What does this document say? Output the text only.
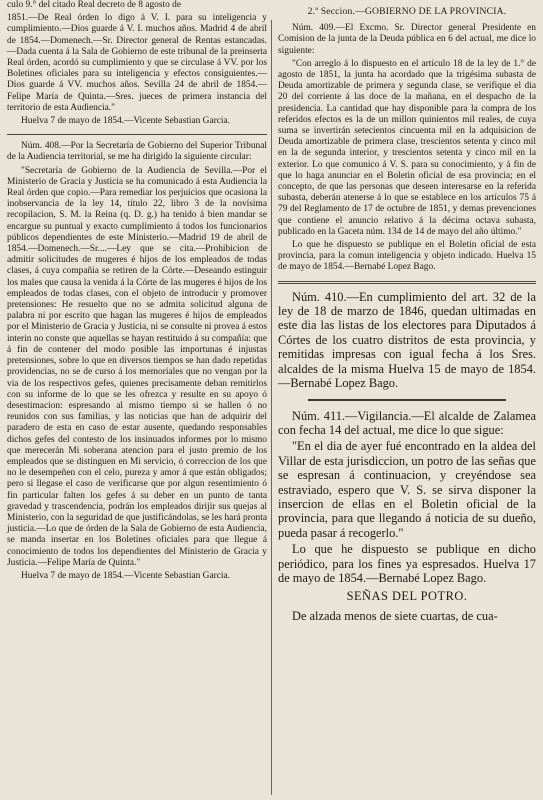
culo 9.° del citado Real decreto de 8 agosto de

1851.—De Real órden lo digo á V. I. para su inteligencia y cumplimiento.—Dios guarde á V. I. muchos años. Madrid 4 de abril de 1854.—Domenech.—Sr. Director general de Rentas estancadas.—Dada cuenta á la Sala de Gobierno de este tribunal de la preinserta Real órden, acordó su cumplimiento y que se circulase á VV. por los Boletines oficiales para su inteligencia y efectos consiguientes.—Dios guarde á VV. muchos años. Sevilla 24 de abril de 1854.—Felipe María de Quinta.—Sres. jueces de primera instancia del territorio de esta Audiencia."

Huelva 7 de mayo de 1854.—Vicente Sebastian Garcia.

Núm. 408.—Por la Secretaría de Gobierno del Superior Tribunal de la Audiencia territorial, se me ha dirigido la siguiente circular:

"Secretaría de Gobierno de la Audiencia de Sevilla.—Por el Ministerio de Gracia y Justicia se ha comunicado á esta Audiencia la Real órden que copio.—Para remediar los perjuicios que ocasiona la inobservancia de la ley 14, título 22, libro 3 de la novísima recopilacion, S. M. la Reina (q. D. g.) ha tenido á bien mandar se encargue su puntual y exacto cumplimiento á todos los funcionarios públicos dependientes de este Ministerio.—Madrid 19 de abril de 1854.—Domenech.—Sr....—Ley que se cita.—Prohibicion de admitir solicitudes de mugeres é hijos de los empleados de todas clases, á cuya compañía se retiren de la Córte.—Deseando estinguir los males que causa la venida á la Córte de las mugeres é hijos de los empleados de todas clases, con el objeto de introducir y promover pretensiones: He resuelto que no se admita solicitud alguna de palabra ni por escrito que hagan las mugeres é hijos de empleados por el Ministerio de Gracia y Justicia, ni se consulte ni provea á estos interin no conste que aquellas se hayan restituido á su compañía: que á fin de contener del modo posible las importunas é injustas pretensiones, sobre lo que en diversos tiempos se han dado repetidas providencias, no se de curso á los memoriales que no vengan por la via de los respectivos gefes, quienes precisamente deban remitirlos con su informe de lo que se les ofrezca y resulte en su apoyo ó desestimacion: espresando al mismo tiempo si se hallen ó no reunidos con sus familias, y las noticias que han de adquirir del paradero de esta en caso de estar ausente, quedando responsables dichos gefes del contesto de los insinuados informes por lo mismo que merecerán Mi soberana atencion para el justo premio de los empleados que se distinguen en Mi servicio, ó correccion de los que no le desempeñen con el celo, pureza y amor á que están obligados; pero si llegase el caso de verificarse que por algun resentimiento ó fin particular falten los gefes á su deber en un punto de tanta gravedad y trascendencia, podrán los empleados dirijir sus quejas al Ministerio, con la seguridad de que justificándolas, se les hará pronta justicia.—Lo que de órden de la Sala de Gobierno de esta Audiencia, se manda insertar en los Boletines oficiales para que llegue á conocimiento de todos los dependientes del Ministerio de Gracia y Justicia.—Felipe María de Quinta."

Huelva 7 de mayo de 1854.—Vicente Sebastian Garcia.

2.ª Seccion.—GOBIERNO DE LA PROVINCIA.

Núm. 409.—El Excmo. Sr. Director general Presidente en Comision de la junta de la Deuda pública en 6 del actual, me dice lo siguiente:

"Con arreglo á lo dispuesto en el artículo 18 de la ley de 1.° de agosto de 1851, la junta ha acordado que la trigésima subasta de Deuda amortizable de primera y segunda clase, se verifique el dia 20 del corriente á las doce de la mañana, en el despacho de la presidencia. La cantidad que hay disponible para la compra de los referidos efectos es la de un millon quinientos mil reales, de cuya suma se invertirán setecientos cincuenta mil en la adquisicion de Deuda amortizable de primera clase, trescientos setenta y cinco mil en la de segunda interior, y trescientos setenta y cinco mil en la exterior. Lo que comunico á V. S. para su conocimiento, y á fin de que lo haga anunciar en el Boletin oficial de esa provincia; en el concepto, de que las personas que deseen interesarse en la referida subasta, deberán atenerse á lo que se establece en los artículos 75 á 79 del Reglamento de 17 de octubre de 1851, y demas prevenciones que contiene el anuncio relativo á la décima octava subasta, publicado en la Gaceta núm. 134 de 14 de mayo del año último."

Lo que he dispuesto se publique en el Boletin oficial de esta provincia, para la comun inteligencia y objeto indicado. Huelva 15 de mayo de 1854.—Bernabé Lopez Bago.

Núm. 410.—En cumplimiento del art. 32 de la ley de 18 de marzo de 1846, quedan ultimadas en este dia las listas de los electores para Diputados á Córtes de los cuatro distritos de esta provincia, y remitidas impresas con igual fecha á los Sres. alcaldes de la misma Huelva 15 de mayo de 1854.—Bernabé Lopez Bago.

Núm. 411.—Vigilancia.—El alcalde de Zalamea con fecha 14 del actual, me dice lo que sigue:

"En el dia de ayer fué encontrado en la aldea del Villar de esta jurisdiccion, un potro de las señas que se espresan á continuacion, y creyéndose sea estraviado, espero que V. S. se sirva disponer la insercion de ellas en el Boletin oficial de la provincia, para que llegando á noticia de su dueño, pueda pasar á recogerlo."

Lo que he dispuesto se publique en dicho periódico, para los fines ya espresados. Huelva 17 de mayo de 1854.—Bernabé Lopez Bago.

SEÑAS DEL POTRO.

De alzada menos de siete cuartas, de cua-
